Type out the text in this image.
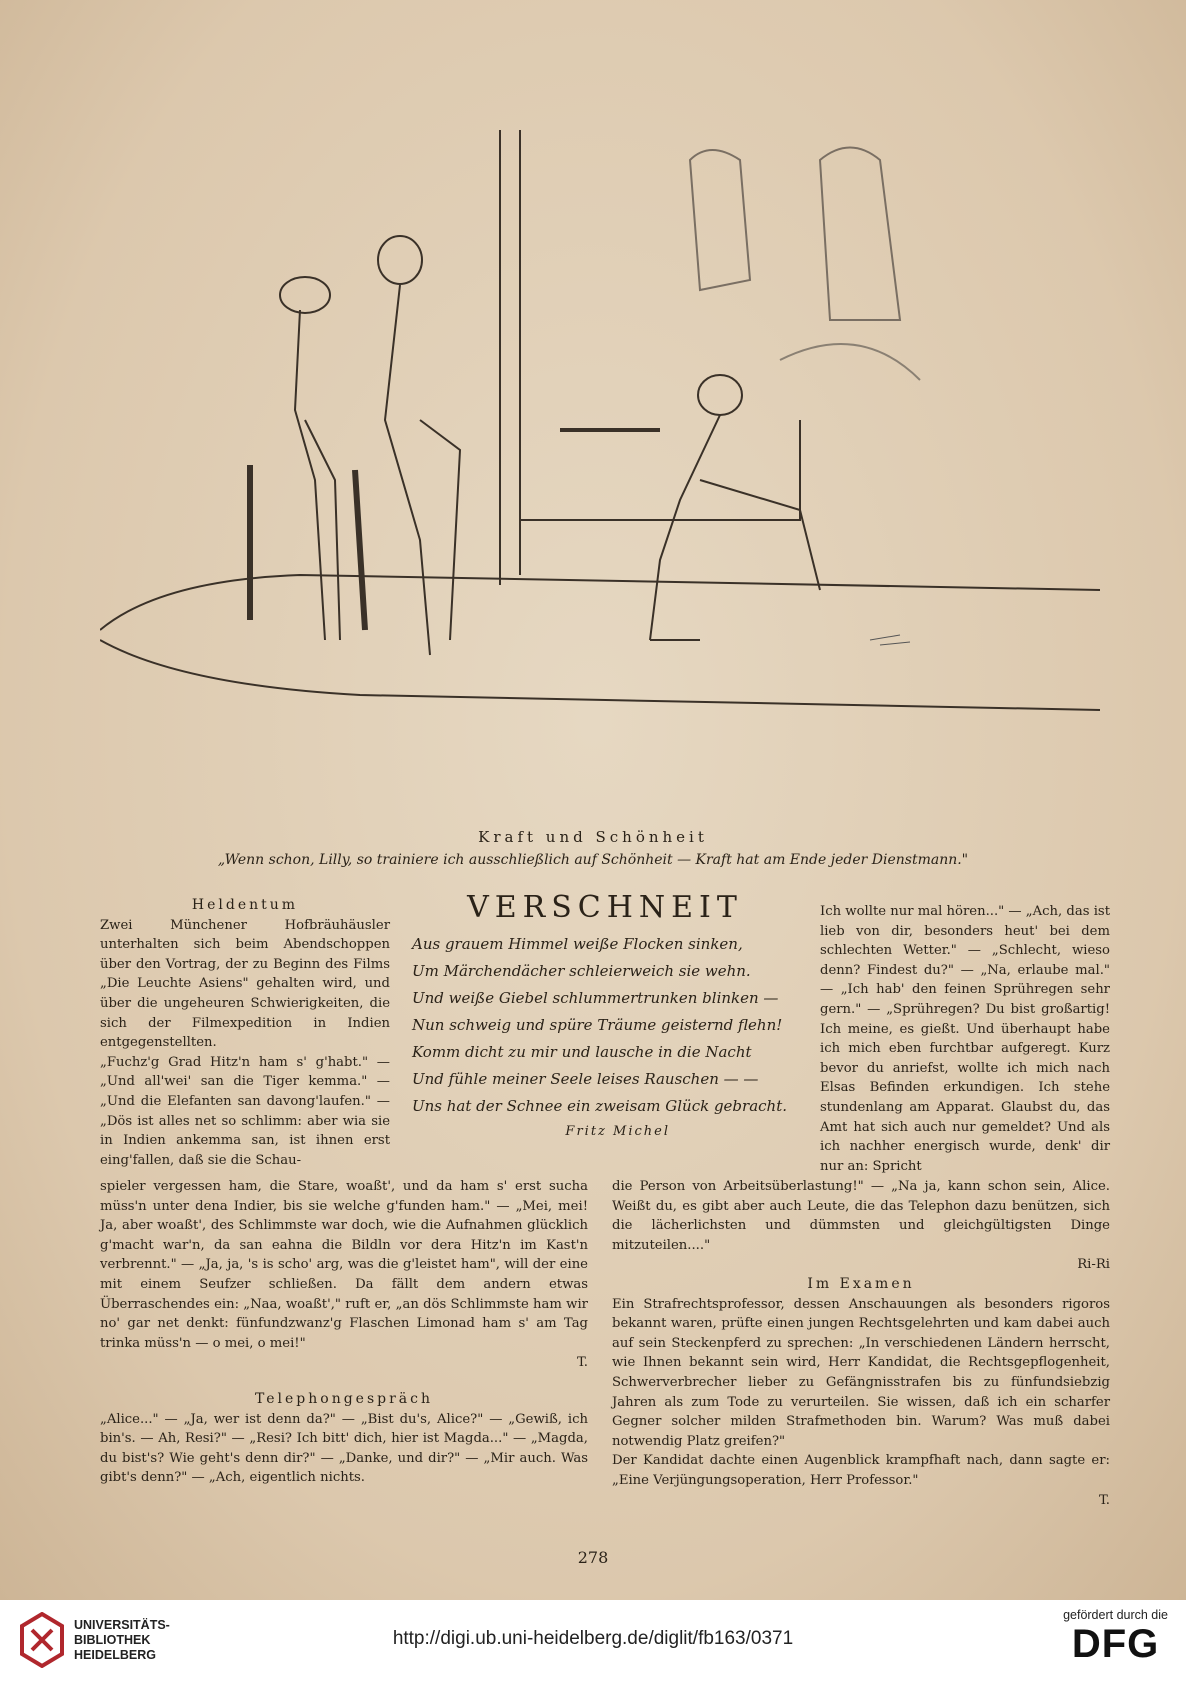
Kraft und Schönheit
„Wenn schon, Lilly, so trainiere ich ausschließlich auf Schönheit — Kraft hat am Ende jeder Dienstmann."

Heldentum

Zwei Münchener Hofbräuhäusler unterhalten sich beim Abendschoppen über den Vortrag, der zu Beginn des Films „Die Leuchte Asiens" gehalten wird, und über die ungeheuren Schwierigkeiten, die sich der Filmexpedition in Indien entgegenstellten.

„Fuchz'g Grad Hitz'n ham s' g'habt." — „Und all'wei' san die Tiger kemma." — „Und die Elefanten san davong'laufen." — „Dös ist alles net so schlimm: aber wia sie in Indien ankemma san, ist ihnen erst eing'fallen, daß sie die Schau-

VERSCHNEIT
Aus grauem Himmel weiße Flocken sinken,
Um Märchendächer schleierweich sie wehn.
Und weiße Giebel schlummertrunken blinken —
Nun schweig und spüre Träume geisternd flehn!
Komm dicht zu mir und lausche in die Nacht
Und fühle meiner Seele leises Rauschen — —
Uns hat der Schnee ein zweisam Glück gebracht.
Fritz Michel

Ich wollte nur mal hören..." — „Ach, das ist lieb von dir, besonders heut' bei dem schlechten Wetter." — „Schlecht, wieso denn? Findest du?" — „Na, erlaube mal." — „Ich hab' den feinen Sprühregen sehr gern." — „Sprühregen? Du bist großartig! Ich meine, es gießt. Und überhaupt habe ich mich eben furchtbar aufgeregt. Kurz bevor du anriefst, wollte ich mich nach Elsas Befinden erkundigen. Ich stehe stundenlang am Apparat. Glaubst du, das Amt hat sich auch nur gemeldet? Und als ich nachher energisch wurde, denk' dir nur an: Spricht

spieler vergessen ham, die Stare, woaßt', und da ham s' erst sucha müss'n unter dena Indier, bis sie welche g'funden ham." — „Mei, mei! Ja, aber woaßt', des Schlimmste war doch, wie die Aufnahmen glücklich g'macht war'n, da san eahna die Bildln vor dera Hitz'n im Kast'n verbrennt." — „Ja, ja, 's is scho' arg, was die g'leistet ham", will der eine mit einem Seufzer schließen. Da fällt dem andern etwas Überraschendes ein: „Naa, woaßt'," ruft er, „an dös Schlimmste ham wir no' gar net denkt: fünfundzwanz'g Flaschen Limonad ham s' am Tag trinka müss'n — o mei, o mei!"

T.

die Person von Arbeitsüberlastung!" — „Na ja, kann schon sein, Alice. Weißt du, es gibt aber auch Leute, die das Telephon dazu benützen, sich die lächerlichsten und dümmsten und gleichgültigsten Dinge mitzuteilen...."

Ri-Ri

Im Examen

Ein Strafrechtsprofessor, dessen Anschauungen als besonders rigoros bekannt waren, prüfte einen jungen Rechtsgelehrten und kam dabei auch auf sein Steckenpferd zu sprechen: „In verschiedenen Ländern herrscht, wie Ihnen bekannt sein wird, Herr Kandidat, die Rechtsgepflogenheit, Schwerverbrecher lieber zu Gefängnisstrafen bis zu fünfundsiebzig Jahren als zum Tode zu verurteilen. Sie wissen, daß ich ein scharfer Gegner solcher milden Strafmethoden bin. Warum? Was muß dabei notwendig Platz greifen?"

Der Kandidat dachte einen Augenblick krampfhaft nach, dann sagte er: „Eine Verjüngungsoperation, Herr Professor."

T.

Telephongespräch

„Alice..." — „Ja, wer ist denn da?" — „Bist du's, Alice?" — „Gewiß, ich bin's. — Ah, Resi?" — „Resi? Ich bitt' dich, hier ist Magda..." — „Magda, du bist's? Wie geht's denn dir?" — „Danke, und dir?" — „Mir auch. Was gibt's denn?" — „Ach, eigentlich nichts.

278
UNIVERSITÄTS-
BIBLIOTHEK
HEIDELBERG
http://digi.ub.uni-heidelberg.de/diglit/fb163/0371
gefördert durch die
DFG
